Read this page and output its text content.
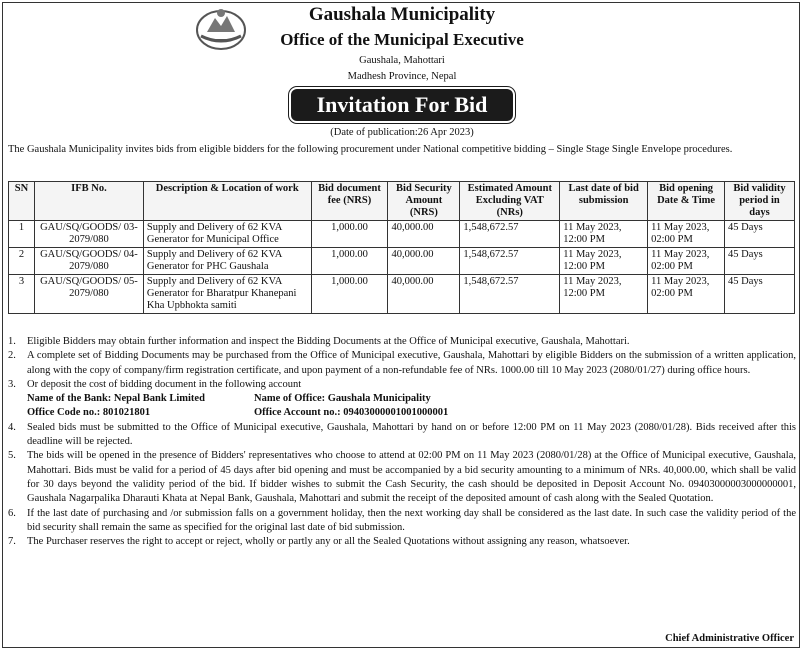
Gaushala Municipality
Office of the Municipal Executive
Gaushala, Mahottari
Madhesh Province, Nepal
Invitation For Bid
(Date of publication:26 Apr 2023)

The Gaushala Municipality invites bids from eligible bidders for the following procurement under National competitive bidding – Single Stage Single Envelope procedures.

SN	IFB No.	Description & Location of work	Bid document fee (NRS)	Bid Security Amount (NRS)	Estimated Amount Excluding VAT (NRs)	Last date of bid submission	Bid opening Date & Time	Bid validity period in days
1	GAU/SQ/GOODS/ 03-2079/080	Supply and Delivery of 62 KVA Generator for Municipal Office	1,000.00	40,000.00	1,548,672.57	11 May 2023, 12:00 PM	11 May 2023, 02:00 PM	45 Days
2	GAU/SQ/GOODS/ 04-2079/080	Supply and Delivery of 62 KVA Generator for PHC Gaushala	1,000.00	40,000.00	1,548,672.57	11 May 2023, 12:00 PM	11 May 2023, 02:00 PM	45 Days
3	GAU/SQ/GOODS/ 05-2079/080	Supply and Delivery of 62 KVA Generator for Bharatpur Khanepani Kha Upbhokta samiti	1,000.00	40,000.00	1,548,672.57	11 May 2023, 12:00 PM	11 May 2023, 02:00 PM	45 Days

1. Eligible Bidders may obtain further information and inspect the Bidding Documents at the Office of Municipal executive, Gaushala, Mahottari.

2. A complete set of Bidding Documents may be purchased from the Office of Municipal executive, Gaushala, Mahottari by eligible Bidders on the submission of a written application, along with the copy of company/firm registration certificate, and upon payment of a non-refundable fee of NRs. 1000.00 till 10 May 2023 (2080/01/27) during office hours.

3. Or deposit the cost of bidding document in the following account

Name of the Bank: Nepal Bank Limited	Name of Office: Gaushala Municipality
Office Code no.: 801021801	Office Account no.: 09403000001001000001

4. Sealed bids must be submitted to the Office of Municipal executive, Gaushala, Mahottari by hand on or before 12:00 PM on 11 May 2023 (2080/01/28). Bids received after this deadline will be rejected.

5. The bids will be opened in the presence of Bidders' representatives who choose to attend at 02:00 PM on 11 May 2023 (2080/01/28) at the Office of Municipal executive, Gaushala, Mahottari. Bids must be valid for a period of 45 days after bid opening and must be accompanied by a bid security amounting to a minimum of NRs. 40,000.00, which shall be valid for 30 days beyond the validity period of the bid. If bidder wishes to submit the Cash Security, the cash should be deposited in Deposit Account No. 09403000003000000001, Gaushala Nagarpalika Dharauti Khata at Nepal Bank, Gaushala, Mahottari and submit the receipt of the deposited amount of cash along with the Sealed Quotation.

6. If the last date of purchasing and /or submission falls on a government holiday, then the next working day shall be considered as the last date. In such case the validity period of the bid security shall remain the same as specified for the original last date of bid submission.

7. The Purchaser reserves the right to accept or reject, wholly or partly any or all the Sealed Quotations without assigning any reason, whatsoever.

Chief Administrative Officer
